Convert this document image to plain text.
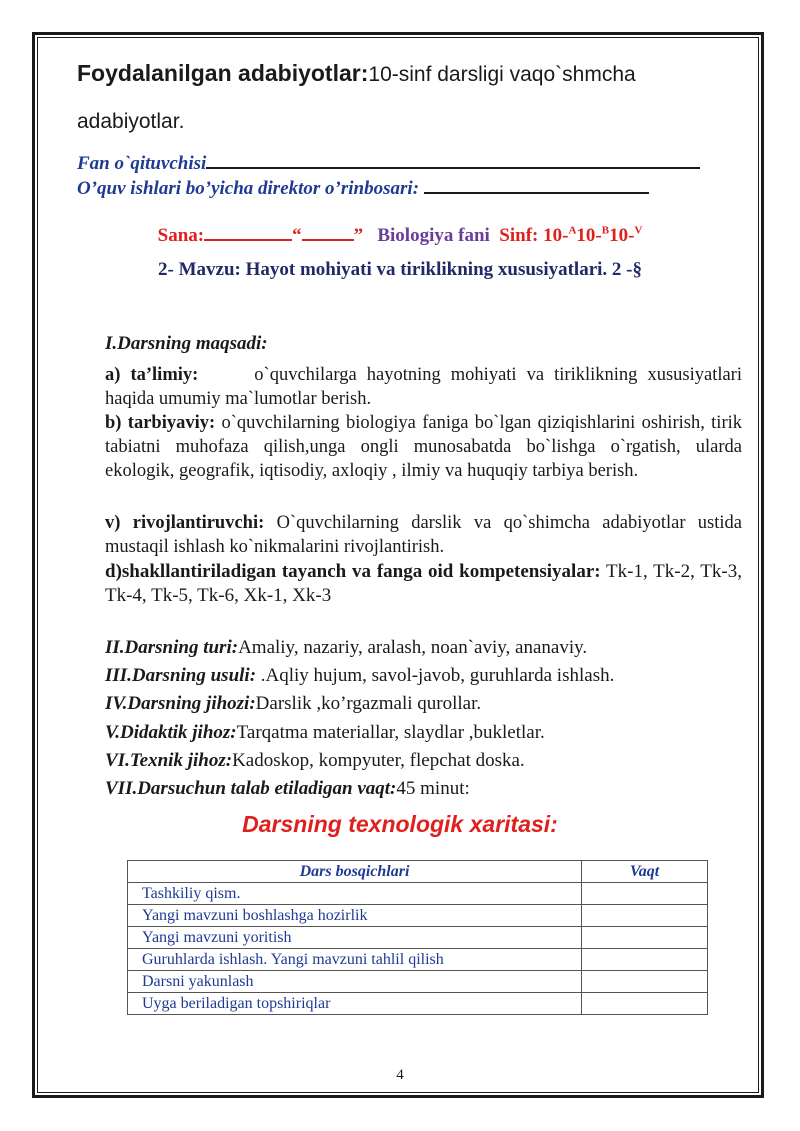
Foydalanilgan adabiyotlar:10-sinf darsligi vaqo`shmcha
adabiyotlar.
Fan o`qituvchisi
O’quv ishlari bo’yicha direktor o’rinbosari:
Sana:	“	” Biologiya fani Sinf: 10-$^A$10-$^B$10-$^V$
2- Mavzu: Hayot mohiyati va tiriklikning xususiyatlari. 2 -§
I.Darsning maqsadi:
a) ta’limiy:	o`quvchilarga hayotning mohiyati va tiriklikning xususiyatlari haqida umumiy ma`lumotlar berish.
b) tarbiyaviy: o`quvchilarning biologiya faniga bo`lgan qiziqishlarini oshirish, tirik tabiatni muhofaza qilish,unga ongli munosabatda bo`lishga o`rgatish, ularda ekologik, geografik, iqtisodiy, axloqiy , ilmiy va huquqiy tarbiya berish.
v) rivojlantiruvchi: O`quvchilarning darslik va qo`shimcha adabiyotlar ustida mustaqil ishlash ko`nikmalarini rivojlantirish.
d)shakllantiriladigan tayanch va fanga oid kompetensiyalar: Tk-1, Tk-2, Tk-3, Tk-4, Tk-5, Tk-6, Xk-1, Xk-3
II.Darsning turi:Amaliy, nazariy, aralash, noan`aviy, ananaviy.
III.Darsning usuli: .Aqliy hujum, savol-javob, guruhlarda ishlash.
IV.Darsning jihozi:Darslik ,ko’rgazmali qurollar.
V.Didaktik jihoz:Tarqatma materiallar, slaydlar ,bukletlar.
VI.Texnik jihoz:Kadoskop, kompyuter, flepchat doska.
VII.Darsuchun talab etiladigan vaqt:45 minut:
Darsning texnologik xaritasi:
Dars bosqichlari	Vaqt
Tashkiliy qism.	
Yangi mavzuni boshlashga hozirlik	
Yangi mavzuni yoritish	
Guruhlarda ishlash. Yangi mavzuni tahlil qilish	
Darsni yakunlash	
Uyga beriladigan topshiriqlar	
4
